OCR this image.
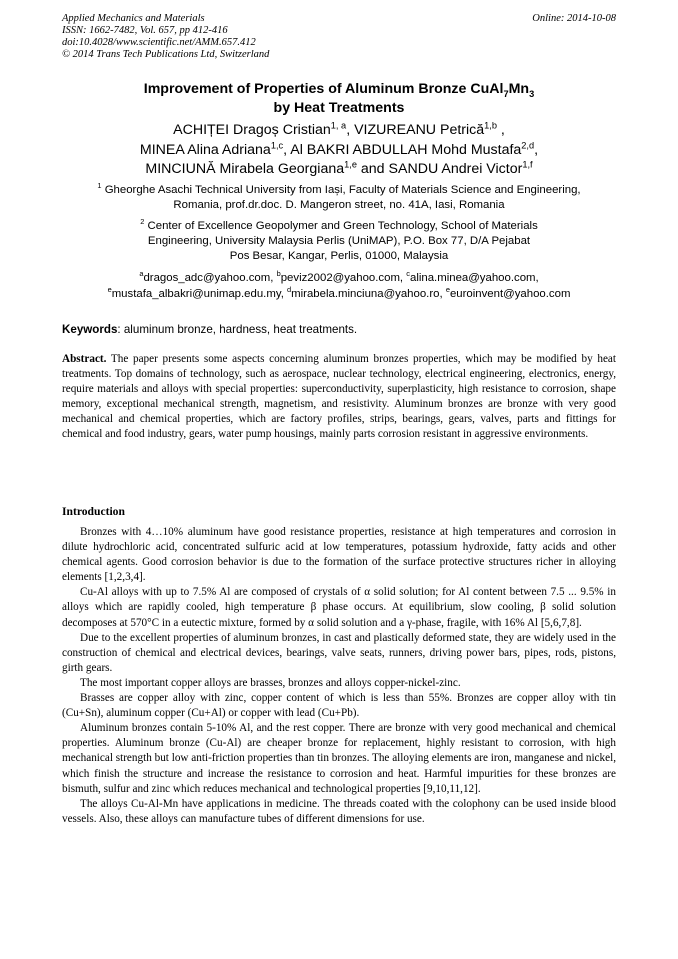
Applied Mechanics and Materials
ISSN: 1662-7482, Vol. 657, pp 412-416
doi:10.4028/www.scientific.net/AMM.657.412
© 2014 Trans Tech Publications Ltd, Switzerland
Online: 2014-10-08
Improvement of Properties of Aluminum Bronze $CuAl_7Mn_3$
by Heat Treatments
ACHIȚEI Dragoș Cristian$^{1, a}$, VIZUREANU Petrică$^{1,b}$ ,
MINEA Alina Adriana$^{1,c}$, Al BAKRI ABDULLAH Mohd Mustafa$^{2,d}$,
MINCIUNĂ Mirabela Georgiana$^{1,e}$ and SANDU Andrei Victor$^{1,f}$
$^1$ Gheorghe Asachi Technical University from Iași, Faculty of Materials Science and Engineering,
Romania, prof.dr.doc. D. Mangeron street, no. 41A, Iasi, Romania
$^2$ Center of Excellence Geopolymer and Green Technology, School of Materials
Engineering, University Malaysia Perlis (UniMAP), P.O. Box 77, D/A Pejabat
Pos Besar, Kangar, Perlis, 01000, Malaysia
$^a$dragos_adc@yahoo.com, $^b$peviz2002@yahoo.com, $^c$alina.minea@yahoo.com,
$^e$mustafa_albakri@unimap.edu.my, $^d$mirabela.minciuna@yahoo.ro, $^e$euroinvent@yahoo.com
Keywords: aluminum bronze, hardness, heat treatments.
Abstract. The paper presents some aspects concerning aluminum bronzes properties, which may be modified by heat treatments. Top domains of technology, such as aerospace, nuclear technology, electrical engineering, electronics, energy, require materials and alloys with special properties: superconductivity, superplasticity, high resistance to corrosion, shape memory, exceptional mechanical strength, magnetism, and resistivity. Aluminum bronzes are bronze with very good mechanical and chemical properties, which are factory profiles, strips, bearings, gears, valves, parts and fittings for chemical and food industry, gears, water pump housings, mainly parts corrosion resistant in aggressive environments.
Introduction

Bronzes with 4…10% aluminum have good resistance properties, resistance at high temperatures and corrosion in dilute hydrochloric acid, concentrated sulfuric acid at low temperatures, potassium hydroxide, fatty acids and other chemical agents. Good corrosion behavior is due to the formation of the surface protective structures richer in alloying elements [1,2,3,4].

Cu-Al alloys with up to 7.5% Al are composed of crystals of α solid solution; for Al content between 7.5 ... 9.5% in alloys which are rapidly cooled, high temperature β phase occurs. At equilibrium, slow cooling, β solid solution decomposes at 570°C in a eutectic mixture, formed by α solid solution and a γ-phase, fragile, with 16% Al [5,6,7,8].

Due to the excellent properties of aluminum bronzes, in cast and plastically deformed state, they are widely used in the construction of chemical and electrical devices, bearings, valve seats, runners, driving power bars, pipes, rods, pistons, girth gears.

The most important copper alloys are brasses, bronzes and alloys copper-nickel-zinc.

Brasses are copper alloy with zinc, copper content of which is less than 55%. Bronzes are copper alloy with tin (Cu+Sn), aluminum copper (Cu+Al) or copper with lead (Cu+Pb).

Aluminum bronzes contain 5-10% Al, and the rest copper. There are bronze with very good mechanical and chemical properties. Aluminum bronze (Cu-Al) are cheaper bronze for replacement, highly resistant to corrosion, with high mechanical strength but low anti-friction properties than tin bronzes. The alloying elements are iron, manganese and nickel, which finish the structure and increase the resistance to corrosion and heat. Harmful impurities for these bronzes are bismuth, sulfur and zinc which reduces mechanical and technological properties [9,10,11,12].

The alloys Cu-Al-Mn have applications in medicine. The threads coated with the colophony can be used inside blood vessels. Also, these alloys can manufacture tubes of different dimensions for use.
